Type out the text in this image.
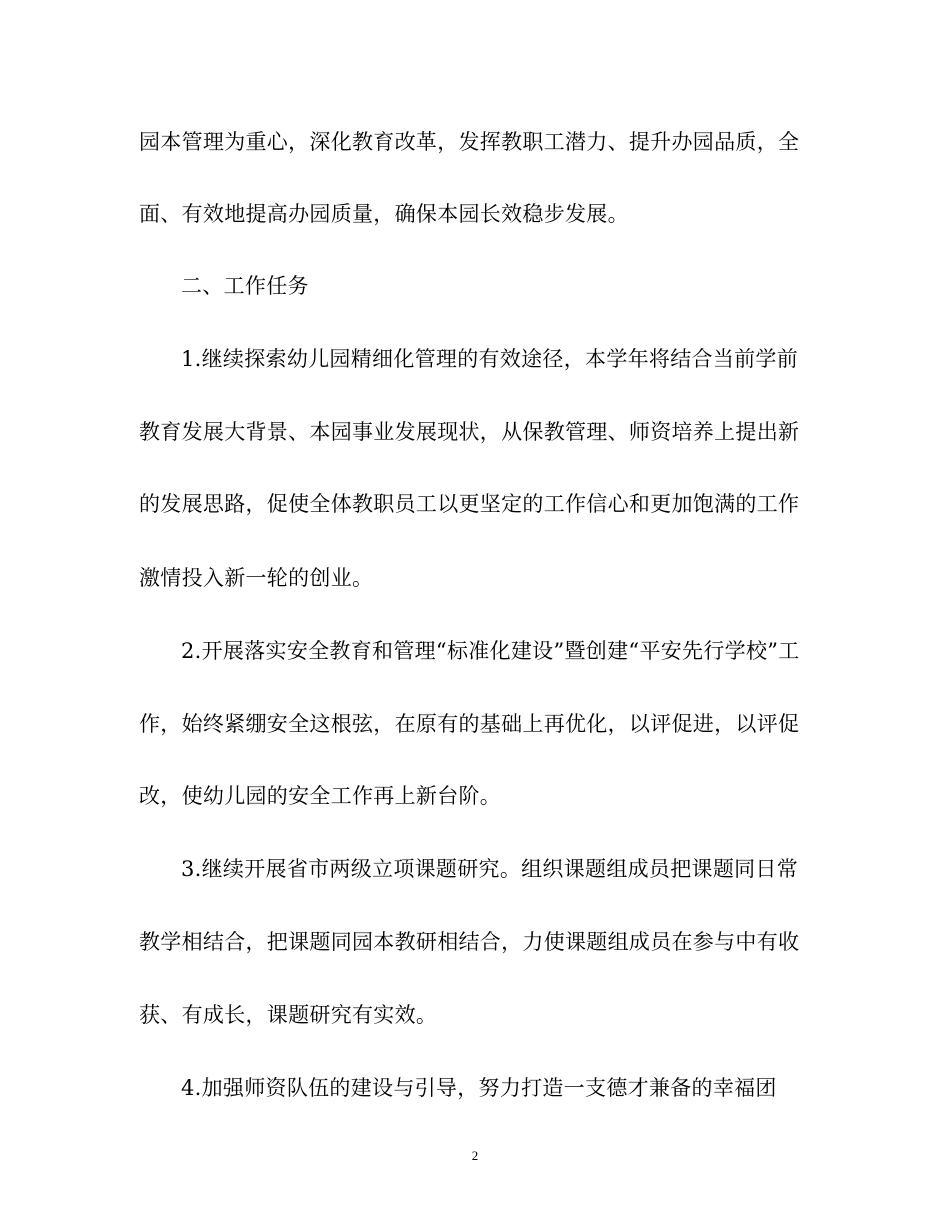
园本管理为重心，深化教育改革，发挥教职工潜力、提升办园品质，全
面、有效地提高办园质量，确保本园长效稳步发展。
二、工作任务
1.继续探索幼儿园精细化管理的有效途径，本学年将结合当前学前
教育发展大背景、本园事业发展现状，从保教管理、师资培养上提出新
的发展思路，促使全体教职员工以更坚定的工作信心和更加饱满的工作
激情投入新一轮的创业。
2.开展落实安全教育和管理“标准化建设”暨创建“平安先行学校”工
作，始终紧绷安全这根弦，在原有的基础上再优化，以评促进，以评促
改，使幼儿园的安全工作再上新台阶。
3.继续开展省市两级立项课题研究。组织课题组成员把课题同日常
教学相结合，把课题同园本教研相结合，力使课题组成员在参与中有收
获、有成长，课题研究有实效。
4.加强师资队伍的建设与引导，努力打造一支德才兼备的幸福团
2
